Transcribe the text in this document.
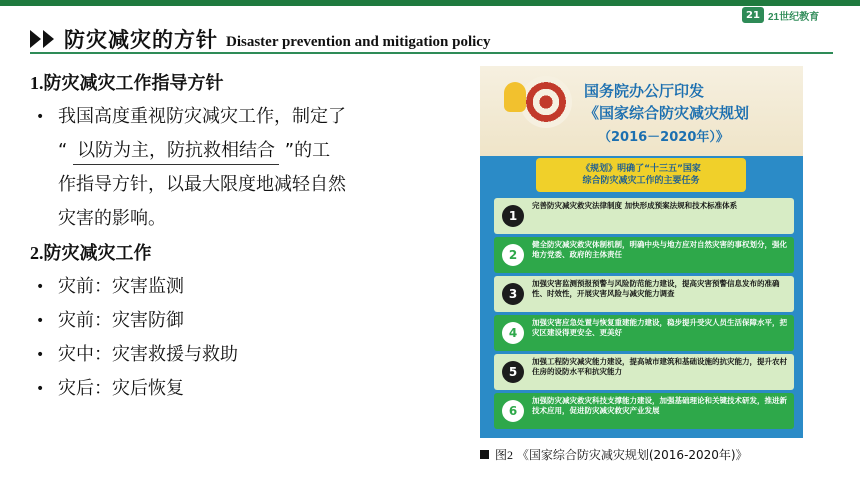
21 21世纪教育
防灾减灾的方针 Disaster prevention and mitigation policy
1.防灾减灾工作指导方针
• 我国高度重视防灾减灾工作，制定了
“ 以防为主，防抗救相结合 ”的工
作指导方针，以最大限度地减轻自然
灾害的影响。
2.防灾减灾工作
• 灾前：灾害监测
• 灾前：灾害防御
• 灾中：灾害救援与救助
• 灾后：灾后恢复
国务院办公厅印发
《国家综合防灾减灾规划
（2016－2020年）》
《规划》明确了“十三五”国家
综合防灾减灾工作的主要任务
1
完善防灾减灾救灾法律制度 加快形成预案法规和技术标准体系
2
健全防灾减灾救灾体制机制，明确中央与地方应对自然灾害的事权划分，强化地方党委、政府的主体责任
3
加强灾害监测预报预警与风险防范能力建设，提高灾害预警信息发布的准确性、时效性，开展灾害风险与减灾能力调查
4
加强灾害应急处置与恢复重建能力建设，稳步提升受灾人员生活保障水平，把灾区建设得更安全、更美好
5
加强工程防灾减灾能力建设，提高城市建筑和基础设施的抗灾能力，提升农村住房的设防水平和抗灾能力
6
加强防灾减灾救灾科技支撑能力建设，加强基础理论和关键技术研发，推进新技术应用，促进防灾减灾救灾产业发展
图2
《国家综合防灾减灾规划(2016-2020年)》
